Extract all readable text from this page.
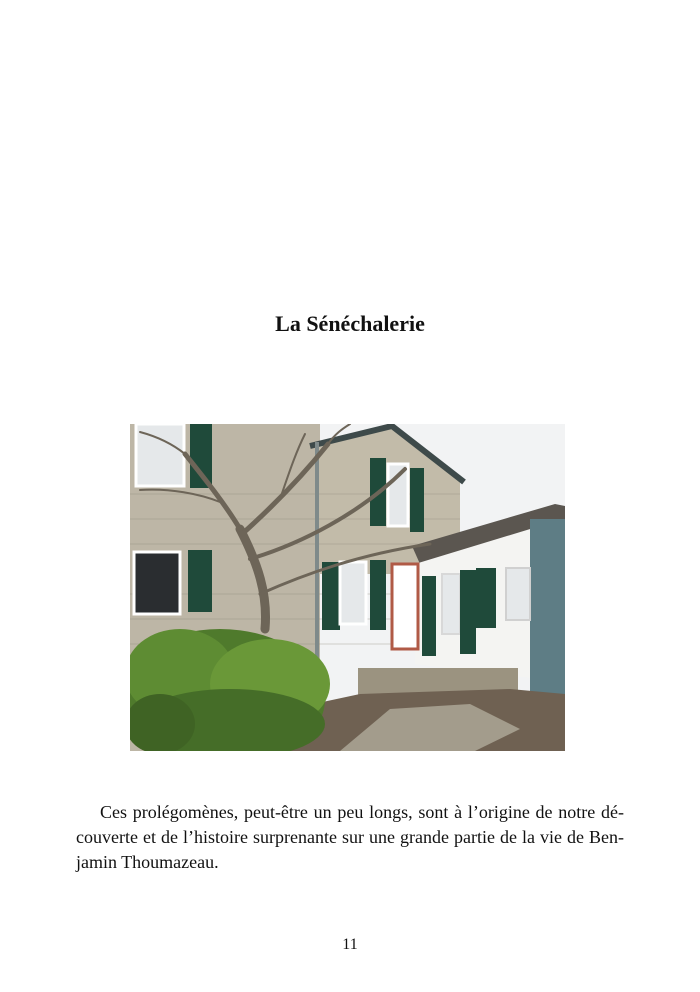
La Sénéchalerie

Ces prolégomènes, peut-être un peu longs, sont à l’origine de notre dé-
couverte et de l’histoire surprenante sur une grande partie de la vie de Ben-
jamin Thoumazeau.

11
